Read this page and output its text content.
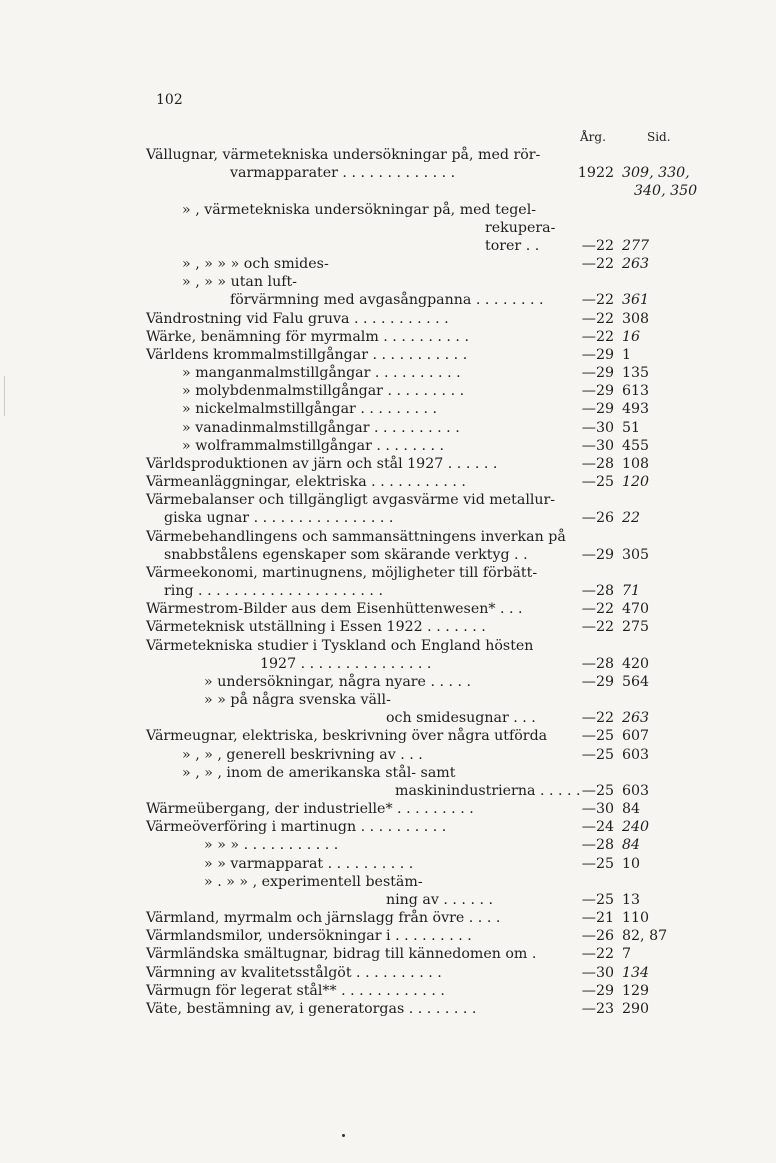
102
Årg.	Sid.
Vällugnar, värmetekniska undersökningar på, med rör-
varmapparater . . . . . . . . . . . . .	1922 309, 330,
340, 350
» , värmetekniska undersökningar på, med tegel-
rekupera-
torer . .	—22 277
» , » » » och smides-	—22 263
» , » » utan luft-
förvärmning med avgasångpanna . . . . . . . .	—22 361
Vändrostning vid Falu gruva . . . . . . . . . . .	—22 308
Wärke, benämning för myrmalm . . . . . . . . . .	—22 16
Världens krommalmstillgångar . . . . . . . . . . .	—29 1
» manganmalmstillgångar . . . . . . . . . .	—29 135
» molybdenmalmstillgångar . . . . . . . . .	—29 613
» nickelmalmstillgångar . . . . . . . . .	—29 493
» vanadinmalmstillgångar . . . . . . . . . .	—30 51
» wolframmalmstillgångar . . . . . . . .	—30 455
Världsproduktionen av järn och stål 1927 . . . . . .	—28 108
Värmeanläggningar, elektriska . . . . . . . . . . .	—25 120
Värmebalanser och tillgängligt avgasvärme vid metallur-
giska ugnar . . . . . . . . . . . . . . . .	—26 22
Värmebehandlingens och sammansättningens inverkan på
snabbstålens egenskaper som skärande verktyg . .	—29 305
Värmeekonomi, martinugnens, möjligheter till förbätt-
ring . . . . . . . . . . . . . . . . . . . . .	—28 71
Wärmestrom-Bilder aus dem Eisenhüttenwesen* . . .	—22 470
Värmeteknisk utställning i Essen 1922 . . . . . . .	—22 275
Värmetekniska studier i Tyskland och England hösten
1927 . . . . . . . . . . . . . . .	—28 420
» undersökningar, några nyare . . . . .	—29 564
» » på några svenska väll-
och smidesugnar . . .	—22 263
Värmeugnar, elektriska, beskrivning över några utförda	—25 607
» , » , generell beskrivning av . . .	—25 603
» , » , inom de amerikanska stål- samt
maskinindustrierna . . . . . —25 603
Wärmeübergang, der industrielle* . . . . . . . . .	—30 84
Värmeöverföring i martinugn . . . . . . . . . .	—24 240
» » » . . . . . . . . . . .	—28 84
» » varmapparat . . . . . . . . . .	—25 10
» . » » , experimentell bestäm-
ning av . . . . . .	—25 13
Värmland, myrmalm och järnslagg från övre . . . .	—21 110
Värmlandsmilor, undersökningar i . . . . . . . . .	—26 82, 87
Värmländska smältugnar, bidrag till kännedomen om .	—22 7
Värmning av kvalitetsstålgöt . . . . . . . . . .	—30 134
Värmugn för legerat stål** . . . . . . . . . . . .	—29 129
Väte, bestämning av, i generatorgas . . . . . . . .	—23 290
